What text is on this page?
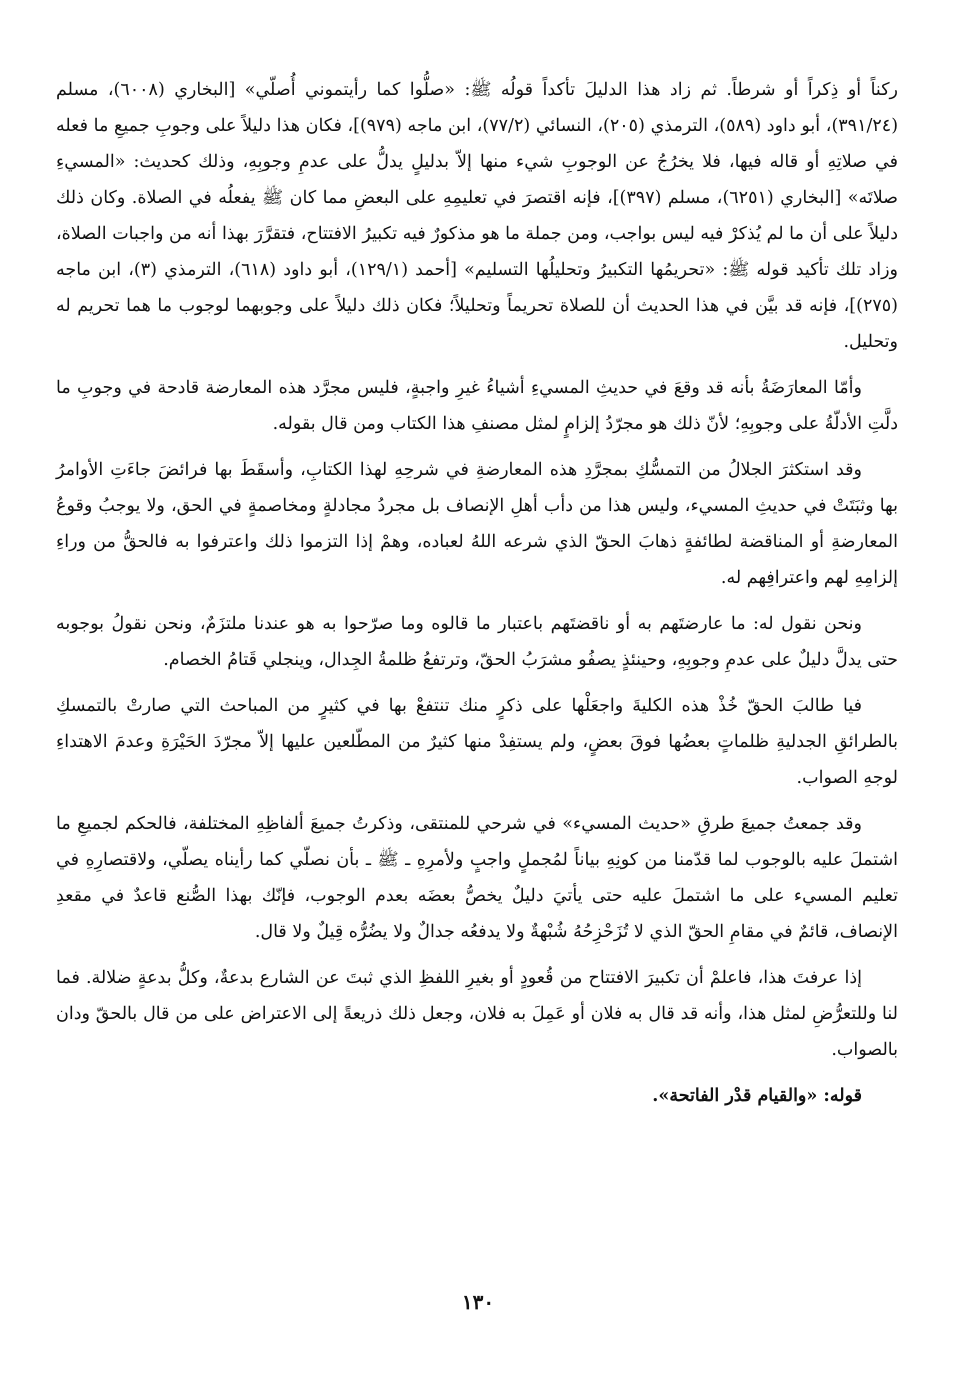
ركناً أو ذِكراً أو شرطاً. ثم زاد هذا الدليلَ تأكداً قولُه ﷺ: «صلُّوا كما رأيتموني أُصلّي» [البخاري (٦٠٠٨)، مسلم (٣٩١/٢٤)، أبو داود (٥٨٩)، الترمذي (٢٠٥)، النسائي (٧٧/٢)، ابن ماجه (٩٧٩)]، فكان هذا دليلاً على وجوبِ جميعِ ما فعله في صلاتِهِ أو قاله فيها، فلا يخرُجُ عن الوجوبِ شيء منها إلاّ بدليلٍ يدلُّ على عدمِ وجوبِهِ، وذلك كحديث: «المسيءِ صلاتَه» [البخاري (٦٢٥١)، مسلم (٣٩٧)]، فإنه اقتصرَ في تعليمِهِ على البعضِ مما كان ﷺ يفعلُه في الصلاة. وكان ذلك دليلاً على أن ما لم يُذكرْ فيه ليس بواجب، ومن جملة ما هو مذكورٌ فيه تكبيرُ الافتتاح، فتقرَّرَ بهذا أنه من واجبات الصلاة، وزاد تلك تأكيد قوله ﷺ: «تحريمُها التكبيرُ وتحليلُها التسليم» [أحمد (١٢٩/١)، أبو داود (٦١٨)، الترمذي (٣)، ابن ماجه (٢٧٥)]، فإنه قد بيَّن في هذا الحديث أن للصلاة تحريماً وتحليلاً؛ فكان ذلك دليلاً على وجوبهما لوجوب ما هما تحريم له وتحليل.

وأمّا المعارَضَةُ بأنه قد وقعَ في حديثِ المسيءِ أشياءُ غيرِ واجبةٍ، فليس مجرَّد هذه المعارضة قادحة في وجوبِ ما دلَّتِ الأدلّةُ على وجوبِهِ؛ لأنّ ذلك هو مجرّدُ إلزامٍ لمثل مصنفِ هذا الكتاب ومن قال بقوله.

وقد استكثرَ الجلالُ من التمسُّكِ بمجرَّدِ هذه المعارضةِ في شرحِهِ لهذا الكتابِ، وأسقَطَ بها فرائضَ جاءَتِ الأوامرُ بها وثبَتَتْ في حديثِ المسيء، وليس هذا من دأب أهلِ الإنصاف بل مجردُ مجادلةٍ ومخاصمةٍ في الحق، ولا يوجبُ وقوعُ المعارضةِ أو المناقضة لطائفةٍ ذهابَ الحقّ الذي شرعه اللهُ لعباده، وهمْ إذا التزموا ذلك واعترفوا به فالحقُّ من وراءِ إلزامِهِ لهم واعترافِهم له.

ونحن نقول له: ما عارضتَهم به أو ناقضتَهم باعتبار ما قالوه وما صرّحوا به هو عندنا ملتزَمٌ، ونحن نقولُ بوجوبه حتى يدلَّ دليلٌ على عدمِ وجوبِهِ، وحينئذٍ يصفُو مشرَبُ الحقّ، وترتفعُ ظلمةُ الجِدال، وينجلي قَتامُ الخصام.

فيا طالبَ الحقّ خُذْ هذه الكليةَ واجعَلْها على ذكرٍ منك تنتفعْ بها في كثيرٍ من المباحث التي صارتْ بالتمسكِ بالطرائقِ الجدليةِ ظلماتٍ بعضُها فوقَ بعضٍ، ولم يستفِدْ منها كثيرٌ من المطّلعين عليها إلاّ مجرّدَ الحَيْرَةِ وعدمَ الاهتداءِ لوجهِ الصواب.

وقد جمعتُ جميعَ طرقِ «حديث المسيء» في شرحي للمنتقى، وذكرتُ جميعَ ألفاظِهِ المختلفة، فالحكم لجميعِ ما اشتملَ عليه بالوجوب لما قدّمنا من كونِهِ بياناً لمُجملٍ واجبٍ ولأمرِهِ ـ ﷺ ـ بأن نصلّي كما رأيناه يصلّي، ولاقتصارِهِ في تعليم المسيء على ما اشتملَ عليه حتى يأتيَ دليلٌ يخصُّ بعضَه بعدم الوجوب، فإنّك بهذا الصُّنع قاعدٌ في مقعدِ الإنصاف، قائمٌ في مقامِ الحقّ الذي لا تُزَحْزِحُهُ شُبْهةٌ ولا يدفعُه جدالٌ ولا يضُرُّه قِيلٌ ولا قال.

إذا عرفتَ هذا، فاعلمْ أن تكبيرَ الافتتاح من قُعودٍ أو بغيرِ اللفظِ الذي ثبتَ عن الشارع بدعةٌ، وكلُّ بدعةٍ ضلالة. فما لنا وللتعرُّضِ لمثل هذا، وأنه قد قال به فلان أو عَمِلَ به فلان، وجعل ذلك ذريعةً إلى الاعتراض على من قال بالحقّ ودان بالصواب.

قوله: «والقيام قدْر الفاتحة».

١٣٠
